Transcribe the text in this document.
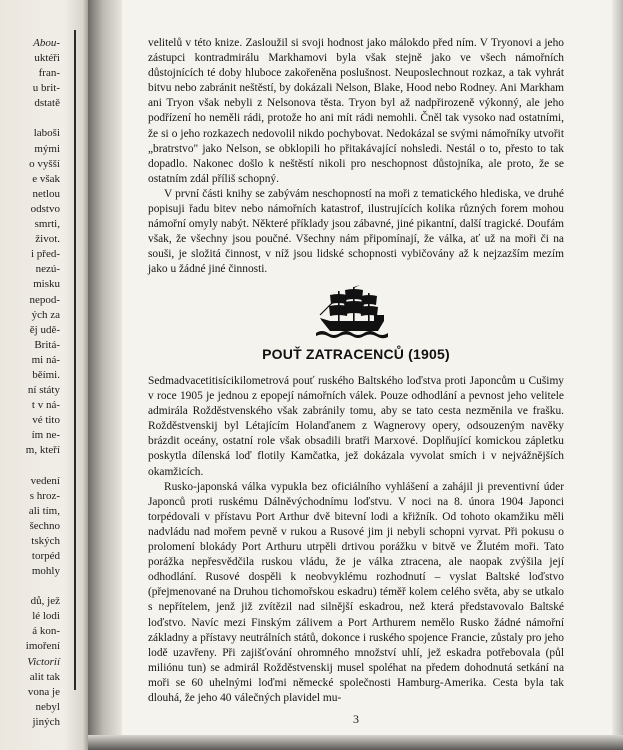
Abou-
uktéři
fran-
u brit-
dstatě
laboši
mými
o vyšší
e však
netlou
odstvo
smrti,
život.
i před-
nezú-
misku
nepod-
ých za
ěj udě-
Britá-
mi ná-
běími.
ní státy
t v ná-
vé tito
ím ne-
m, kteří
vedení
s hroz-
ali tím,
šechno
tských
torpéd
mohly
dů, jež
lé lodi
á kon-
imoření
Victorií
alit tak
vona je
nebyl
jiných

velitelů v této knize. Zasloužil si svoji hodnost jako málokdo před ním. V Tryonovi a jeho zástupci kontradmirálu Markhamovi byla však stejně jako ve všech námořních důstojnících té doby hluboce zakořeněna poslušnost. Neuposlechnout rozkaz, a tak vyhrát bitvu nebo zabránit neštěstí, by dokázali Nelson, Blake, Hood nebo Rodney. Ani Markham ani Tryon však nebyli z Nelsonova těsta. Tryon byl až nadpřirozeně výkonný, ale jeho podřízení ho neměli rádi, protože ho ani mít rádi nemohli. Čněl tak vysoko nad ostatními, že si o jeho rozkazech nedovolil nikdo pochybovat. Nedokázal se svými námořníky utvořit „bratrstvo" jako Nelson, se obklopili ho přitakávající nohsledi. Nestál o to, přesto to tak dopadlo. Nakonec došlo k neštěstí nikoli pro neschopnost důstojníka, ale proto, že se ostatním zdál příliš schopný.

V první části knihy se zabývám neschopností na moři z tematického hlediska, ve druhé popisuji řadu bitev nebo námořních katastrof, ilustrujících kolika různých forem mohou námořní omyly nabýt. Některé příklady jsou zábavné, jiné pikantní, další tragické. Doufám však, že všechny jsou poučné. Všechny nám připomínají, že válka, ať už na moři či na souši, je složitá činnost, v níž jsou lidské schopnosti vybičovány až k nejzazším mezím jako u žádné jiné činnosti.

POUŤ ZATRACENCŮ (1905)

Sedmadvacetitisícikilometrová pouť ruského Baltského loďstva proti Japoncům u Cušimy v roce 1905 je jednou z epopejí námořních válek. Pouze odhodlání a pevnost jeho velitele admirála Rožděstvenského však zabránily tomu, aby se tato cesta nezměnila ve frašku. Rožděstvenskij byl Létajícím Holanďanem z Wagnerovy opery, odsouzeným navěky brázdit oceány, ostatní role však obsadili bratři Marxové. Doplňující komickou zápletku poskytla dílenská loď flotily Kamčatka, jež dokázala vyvolat smích i v nejvážnějších okamžicích.

Rusko-japonská válka vypukla bez oficiálního vyhlášení a zahájil ji preventivní úder Japonců proti ruskému Dálněvýchodnímu loďstvu. V noci na 8. února 1904 Japonci torpédovali v přístavu Port Arthur dvě bitevní lodi a křižník. Od tohoto okamžiku měli nadvládu nad mořem pevně v rukou a Rusové jim ji nebyli schopni vyrvat. Při pokusu o prolomení blokády Port Arthuru utrpěli drtivou porážku v bitvě ve Žlutém moři. Tato porážka nepřesvědčila ruskou vládu, že je válka ztracena, ale naopak zvýšila její odhodlání. Rusové dospěli k neobvyklému rozhodnutí – vyslat Baltské loďstvo (přejmenované na Druhou tichomořskou eskadru) téměř kolem celého světa, aby se utkalo s nepřítelem, jenž již zvítězil nad silnější eskadrou, než která představovalo Baltské loďstvo. Navíc mezi Finským zálivem a Port Arthurem nemělo Rusko žádné námořní základny a přístavy neutrálních států, dokonce i ruského spojence Francie, zůstaly pro jeho lodě uzavřeny. Při zajišťování ohromného množství uhlí, jež eskadra potřebovala (půl miliónu tun) se admirál Rožděstvenskij musel spoléhat na předem dohodnutá setkání na moři se 60 uhelnými loďmi německé společnosti Hamburg-Amerika. Cesta byla tak dlouhá, že jeho 40 válečných plavidel mu-

3
